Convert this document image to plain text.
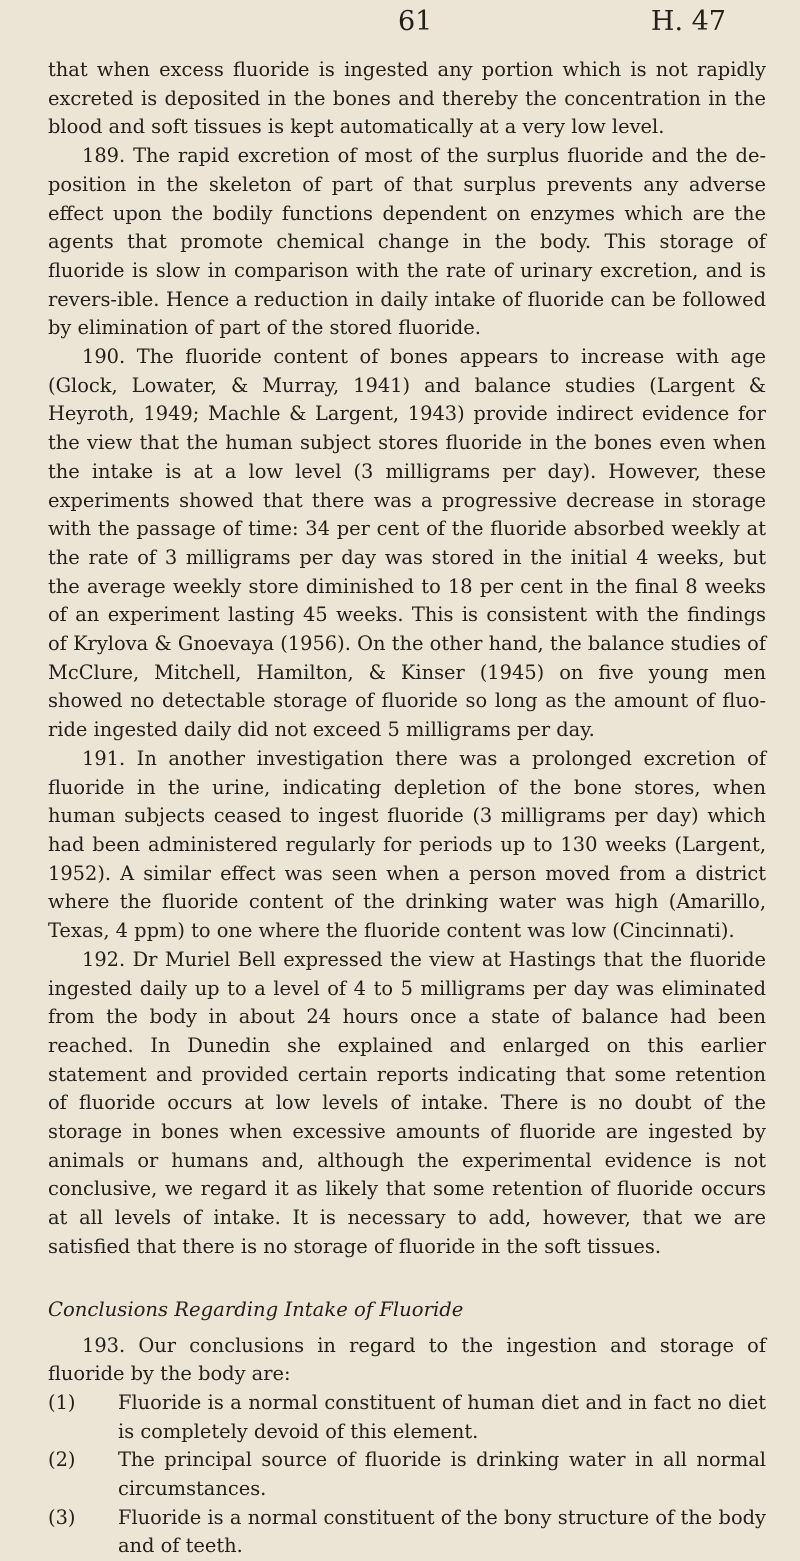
61	H. 47

that when excess fluoride is ingested any portion which is not rapidly excreted is deposited in the bones and thereby the concentration in the blood and soft tissues is kept automatically at a very low level.

189. The rapid excretion of most of the surplus fluoride and the de-position in the skeleton of part of that surplus prevents any adverse effect upon the bodily functions dependent on enzymes which are the agents that promote chemical change in the body. This storage of fluoride is slow in comparison with the rate of urinary excretion, and is revers-ible. Hence a reduction in daily intake of fluoride can be followed by elimination of part of the stored fluoride.

190. The fluoride content of bones appears to increase with age (Glock, Lowater, & Murray, 1941) and balance studies (Largent & Heyroth, 1949; Machle & Largent, 1943) provide indirect evidence for the view that the human subject stores fluoride in the bones even when the intake is at a low level (3 milligrams per day). However, these experiments showed that there was a progressive decrease in storage with the passage of time: 34 per cent of the fluoride absorbed weekly at the rate of 3 milligrams per day was stored in the initial 4 weeks, but the average weekly store diminished to 18 per cent in the final 8 weeks of an experiment lasting 45 weeks. This is consistent with the findings of Krylova & Gnoevaya (1956). On the other hand, the balance studies of McClure, Mitchell, Hamilton, & Kinser (1945) on five young men showed no detectable storage of fluoride so long as the amount of fluo-ride ingested daily did not exceed 5 milligrams per day.

191. In another investigation there was a prolonged excretion of fluoride in the urine, indicating depletion of the bone stores, when human subjects ceased to ingest fluoride (3 milligrams per day) which had been administered regularly for periods up to 130 weeks (Largent, 1952). A similar effect was seen when a person moved from a district where the fluoride content of the drinking water was high (Amarillo, Texas, 4 ppm) to one where the fluoride content was low (Cincinnati).

192. Dr Muriel Bell expressed the view at Hastings that the fluoride ingested daily up to a level of 4 to 5 milligrams per day was eliminated from the body in about 24 hours once a state of balance had been reached. In Dunedin she explained and enlarged on this earlier statement and provided certain reports indicating that some retention of fluoride occurs at low levels of intake. There is no doubt of the storage in bones when excessive amounts of fluoride are ingested by animals or humans and, although the experimental evidence is not conclusive, we regard it as likely that some retention of fluoride occurs at all levels of intake. It is necessary to add, however, that we are satisfied that there is no storage of fluoride in the soft tissues.

Conclusions Regarding Intake of Fluoride

193. Our conclusions in regard to the ingestion and storage of fluoride by the body are:

(1)	Fluoride is a normal constituent of human diet and in fact no diet is completely devoid of this element.
(2)	The principal source of fluoride is drinking water in all normal circumstances.
(3)	Fluoride is a normal constituent of the bony structure of the body and of teeth.
